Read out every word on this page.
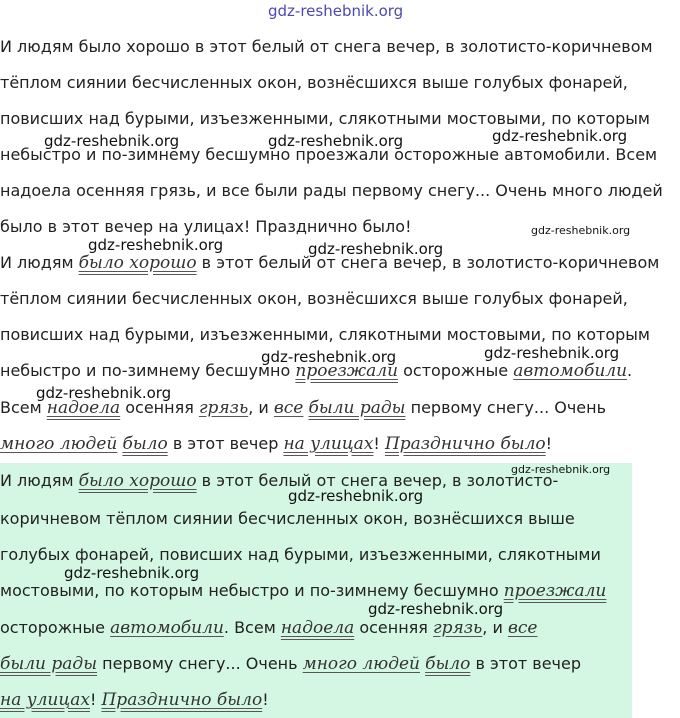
gdz-reshebnik.org
gdz-reshebnik.org	gdz-reshebnik.org	gdz-reshebnik.org
gdz-reshebnik.org
gdz-reshebnik.org	gdz-reshebnik.org
gdz-reshebnik.org	gdz-reshebnik.org
gdz-reshebnik.org
gdz-reshebnik.org
gdz-reshebnik.org
gdz-reshebnik.org
gdz-reshebnik.org
И людям было хорошо в этот белый от снега вечер, в золотисто-коричневом
тёплом сиянии бесчисленных окон, вознёсшихся выше голубых фонарей,
повисших над бурыми, изъезженными, слякотными мостовыми, по которым
небыстро и по-зимнему бесшумно проезжали осторожные автомобили. Всем
надоела осенняя грязь, и все были рады первому снегу... Очень много людей
было в этот вечер на улицах! Празднично было!
И людям было хорошо в этот белый от снега вечер, в золотисто-коричневом
тёплом сиянии бесчисленных окон, вознёсшихся выше голубых фонарей,
повисших над бурыми, изъезженными, слякотными мостовыми, по которым
небыстро и по-зимнему бесшумно проезжали осторожные автомобили.
Всем надоела осенняя грязь, и все были рады первому снегу... Очень
много людей было в этот вечер на улицах! Празднично было!
И людям было хорошо в этот белый от снега вечер, в золотисто-
коричневом тёплом сиянии бесчисленных окон, вознёсшихся выше
голубых фонарей, повисших над бурыми, изъезженными, слякотными
мостовыми, по которым небыстро и по-зимнему бесшумно проезжали
осторожные автомобили. Всем надоела осенняя грязь, и все
были рады первому снегу... Очень много людей было в этот вечер
на улицах! Празднично было!
